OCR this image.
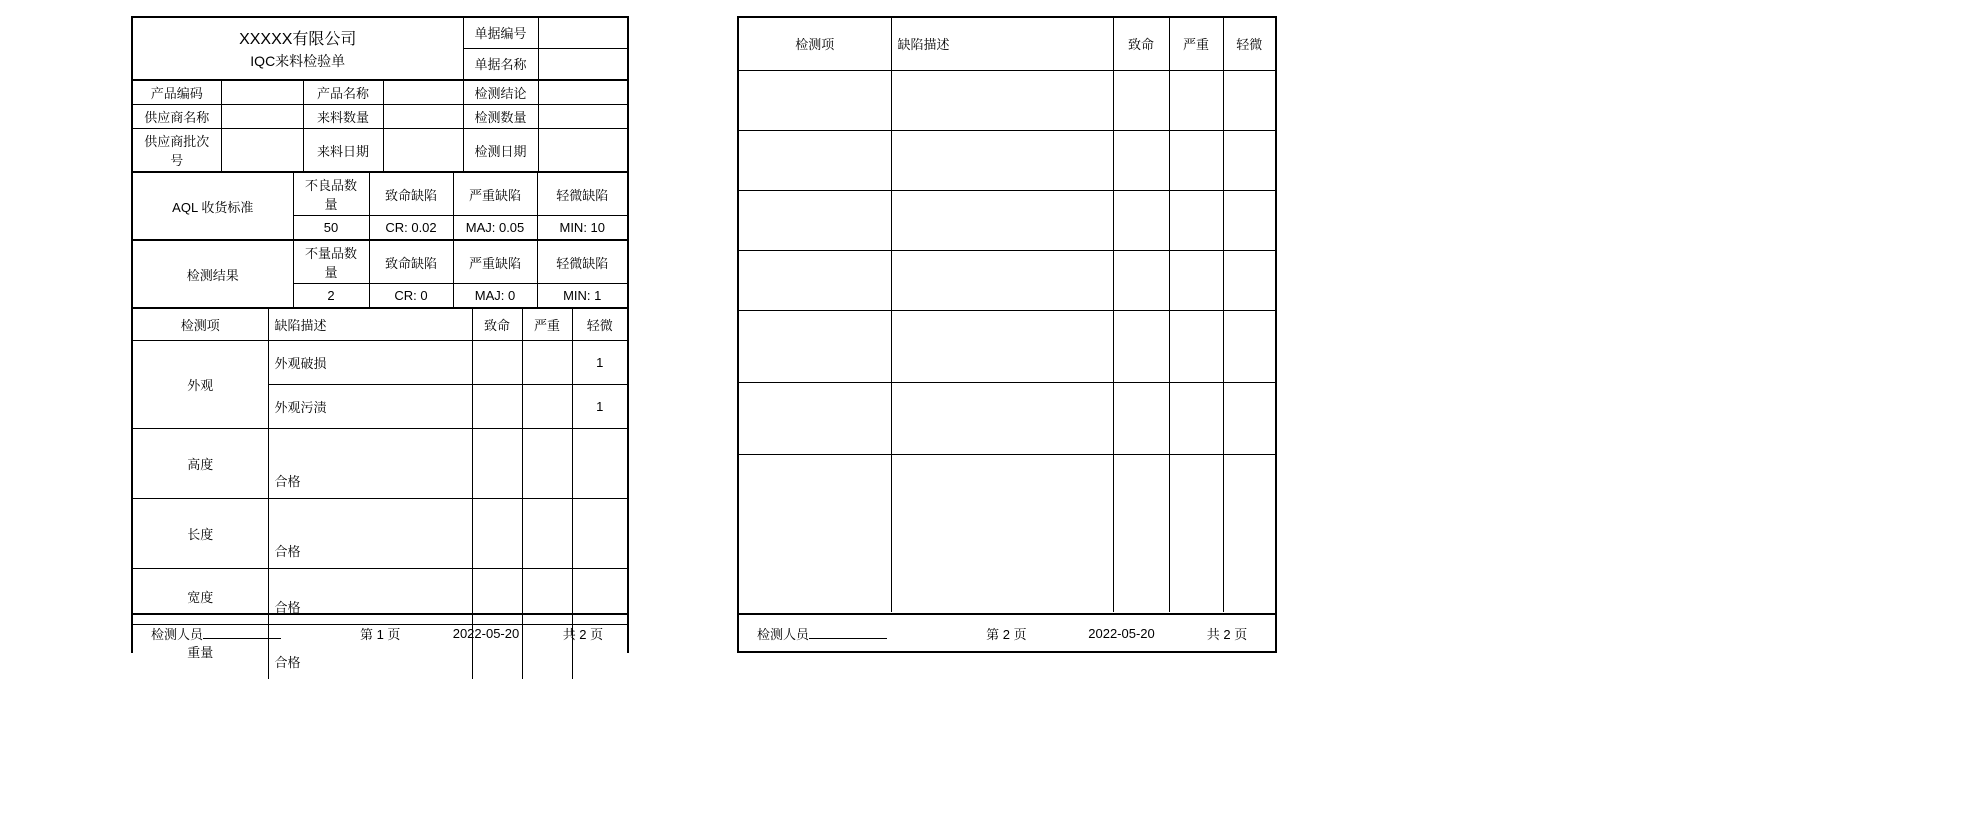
XXXXX有限公司
IQC来料检验单	单据编号	
	单据名称	
产品编码		产品名称		检测结论	
供应商名称		来料数量		检测数量	
供应商批次号		来料日期		检测日期	
AQL 收货标准	不良品数量	致命缺陷	严重缺陷	轻微缺陷
	50	CR: 0.02	MAJ: 0.05	MIN: 10
检测结果	不量品数量	致命缺陷	严重缺陷	轻微缺陷
	2	CR: 0	MAJ: 0	MIN: 1
检测项	缺陷描述	致命	严重	轻微
外观	外观破损			1
	外观污渍			1
高度	合格			
长度	合格			
宽度	合格			
重量	合格			
检测人员	第 1 页	2022-05-20	共 2 页
检测项	缺陷描述	致命	严重	轻微

检测人员	第 2 页	2022-05-20	共 2 页
